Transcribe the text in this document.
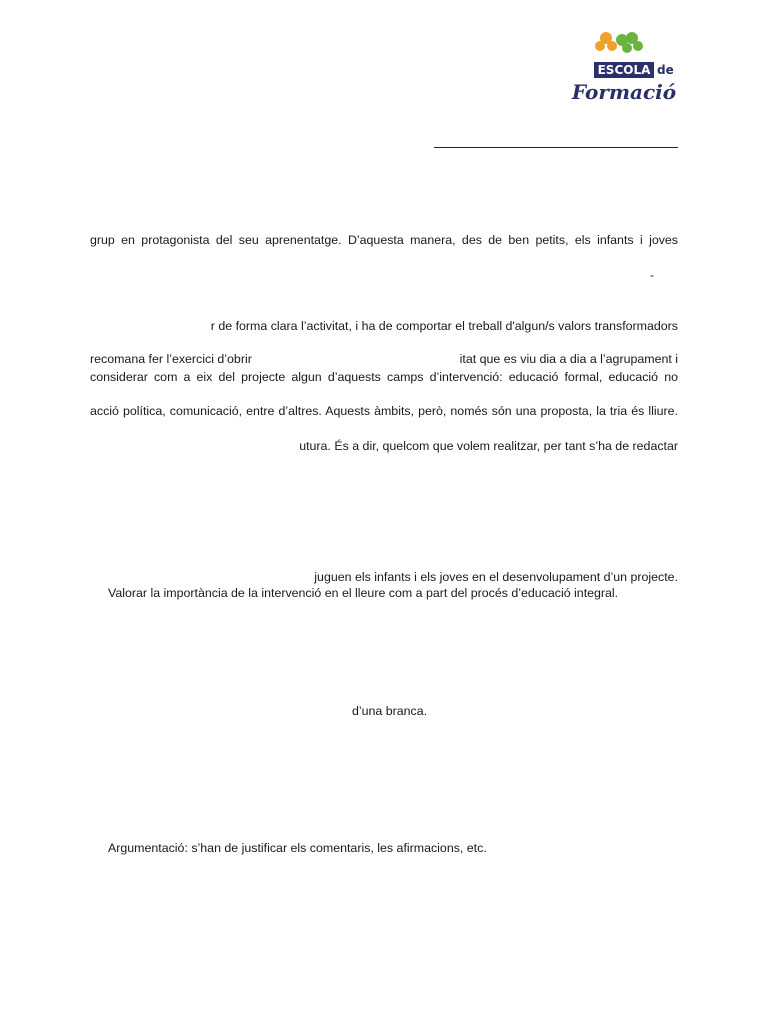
ESCOLA de
Formació
grup en protagonista del seu aprenentatge. D’aquesta manera, des de ben petits, els infants i joves
-
r de forma clara l’activitat, i ha de comportar el treball d'algun/s valors transformadors
recomana fer l’exercici d’obrir	itat que es viu dia a dia a l’agrupament i
considerar com a eix del projecte algun d’aquests camps d’intervenció: educació formal, educació no
acció política, comunicació, entre d’altres. Aquests àmbits, però, només són una proposta, la tria és lliure.
utura. És a dir, quelcom que volem realitzar, per tant s’ha de redactar
juguen els infants i els joves en el desenvolupament d’un projecte.
Valorar la importància de la intervenció en el lleure com a part del procés d’educació integral.
d’una branca.
Argumentació: s’han de justificar els comentaris, les afirmacions, etc.
